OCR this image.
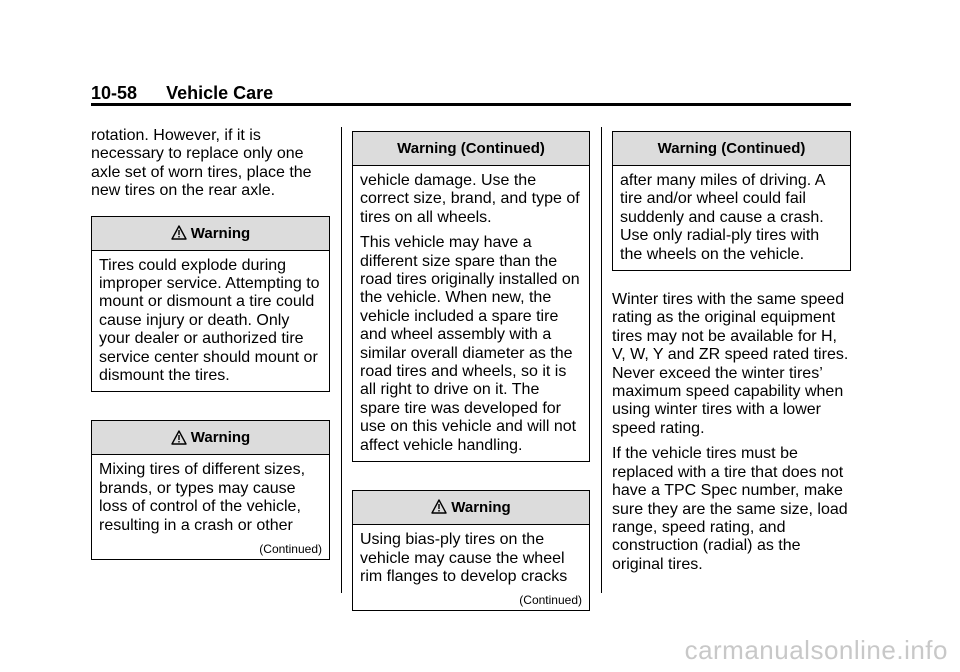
10-58 Vehicle Care

rotation. However, if it is necessary to replace only one axle set of worn tires, place the new tires on the rear axle.

Warning

Tires could explode during improper service. Attempting to mount or dismount a tire could cause injury or death. Only your dealer or authorized tire service center should mount or dismount the tires.

Warning

Mixing tires of different sizes, brands, or types may cause loss of control of the vehicle, resulting in a crash or other

(Continued)
Warning (Continued)

vehicle damage. Use the correct size, brand, and type of tires on all wheels.

This vehicle may have a different size spare than the road tires originally installed on the vehicle. When new, the vehicle included a spare tire and wheel assembly with a similar overall diameter as the road tires and wheels, so it is all right to drive on it. The spare tire was developed for use on this vehicle and will not affect vehicle handling.

Warning

Using bias-ply tires on the vehicle may cause the wheel rim flanges to develop cracks

(Continued)
Warning (Continued)

after many miles of driving. A tire and/or wheel could fail suddenly and cause a crash. Use only radial-ply tires with the wheels on the vehicle.

Winter tires with the same speed rating as the original equipment tires may not be available for H, V, W, Y and ZR speed rated tires. Never exceed the winter tires’ maximum speed capability when using winter tires with a lower speed rating.

If the vehicle tires must be replaced with a tire that does not have a TPC Spec number, make sure they are the same size, load range, speed rating, and construction (radial) as the original tires.

carmanualsonline.info
